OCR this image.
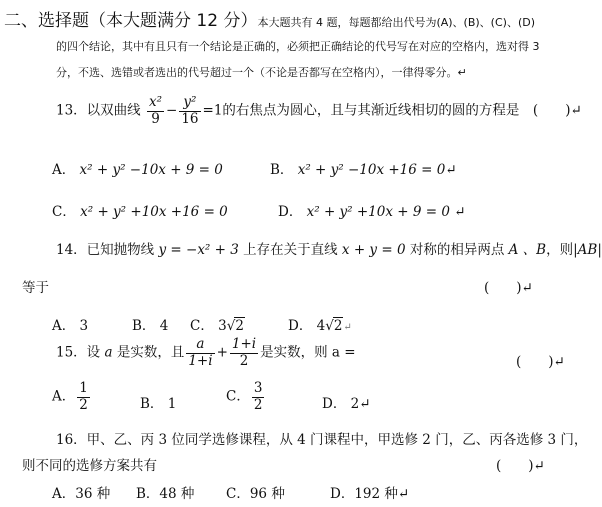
二、选择题（本大题满分 12 分）本大题共有 4 题，每题都给出代号为(A)、(B)、(C)、(D)
的四个结论，其中有且只有一个结论是正确的，必须把正确结论的代号写在对应的空格内，选对得 3
分，不选、选错或者选出的代号超过一个（不论是否都写在空格内），一律得零分。↵
13．以双曲线 $\frac{\text{x²}}{9} - \frac{\text{y²}}{16} =1$的右焦点为圆心，且与其渐近线相切的圆的方程是　(　　)↵
A． x² + y² −10x + 9 = 0	B． x² + y² −10x +16 = 0↵
C． x² + y² +10x +16 = 0	D． x² + y² +10x + 9 = 0 ↵
14．已知抛物线 y = −x² + 3 上存在关于直线 x + y = 0 对称的相异两点 A 、B，则|AB|
等于	(　　)↵
A． 3	B． 4 C． 3√2	D． 4√2↵
15．设 a 是实数，且 $\frac{a}{1+i} + \frac{1+i}{2}$ 是实数，则 a =
(　　)↵
A． $\frac{1}{2}$	B． 1	C． $\frac{3}{2}$	D． 2↵
16．甲、乙、丙 3 位同学选修课程，从 4 门课程中，甲选修 2 门，乙、丙各选修 3 门，
则不同的选修方案共有	(　　)↵
A．36 种 B．48 种 C．96 种	D．192 种↵
